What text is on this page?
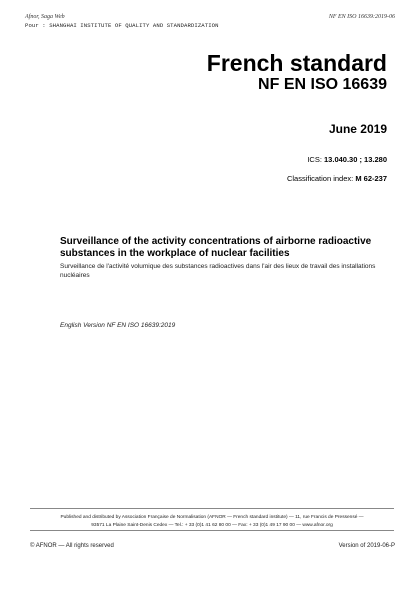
Afnor, Saga Web
Pour : SHANGHAI INSTITUTE OF QUALITY AND STANDARDIZATION
NF EN ISO 16639:2019-06
French standard
NF EN ISO 16639
June 2019
ICS: 13.040.30 ; 13.280
Classification index: M 62-237
Surveillance of the activity concentrations of airborne radioactive substances in the workplace of nuclear facilities
Surveillance de l'activité volumique des substances radioactives dans l'air des lieux de travail des installations nucléaires
English Version NF EN ISO 16639:2019
Published and distributed by Association Française de Normalisation (AFNOR — French standard institute) — 11, rue Francis de Pressensé —
93571 La Plaine Saint-Denis Cedex — Tel.: + 33 (0)1 41 62 80 00 — Fax: + 33 (0)1 49 17 90 00 — www.afnor.org
© AFNOR — All rights reserved	Version of 2019-06-P
